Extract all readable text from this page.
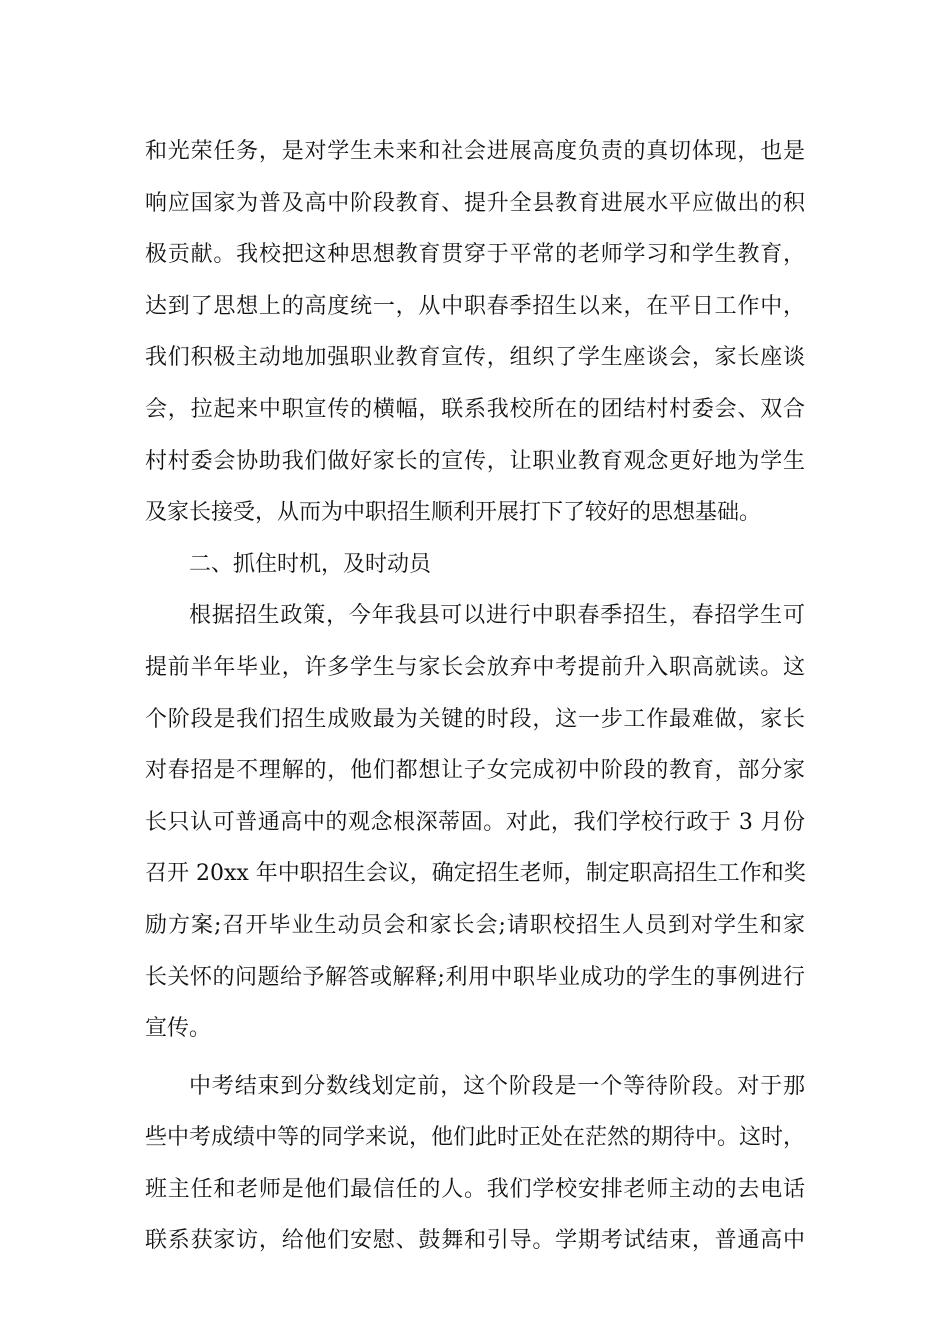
和光荣任务，是对学生未来和社会进展高度负责的真切体现，也是
响应国家为普及高中阶段教育、提升全县教育进展水平应做出的积
极贡献。我校把这种思想教育贯穿于平常的老师学习和学生教育，
达到了思想上的高度统一，从中职春季招生以来，在平日工作中，
我们积极主动地加强职业教育宣传，组织了学生座谈会，家长座谈
会，拉起来中职宣传的横幅，联系我校所在的团结村村委会、双合
村村委会协助我们做好家长的宣传，让职业教育观念更好地为学生
及家长接受，从而为中职招生顺利开展打下了较好的思想基础。
二、抓住时机，及时动员
根据招生政策，今年我县可以进行中职春季招生，春招学生可
提前半年毕业，许多学生与家长会放弃中考提前升入职高就读。这
个阶段是我们招生成败最为关键的时段，这一步工作最难做，家长
对春招是不理解的，他们都想让子女完成初中阶段的教育，部分家
长只认可普通高中的观念根深蒂固。对此，我们学校行政于 3 月份
召开 20xx 年中职招生会议，确定招生老师，制定职高招生工作和奖
励方案;召开毕业生动员会和家长会;请职校招生人员到对学生和家
长关怀的问题给予解答或解释;利用中职毕业成功的学生的事例进行
宣传。
中考结束到分数线划定前，这个阶段是一个等待阶段。对于那
些中考成绩中等的同学来说，他们此时正处在茫然的期待中。这时，
班主任和老师是他们最信任的人。我们学校安排老师主动的去电话
联系获家访，给他们安慰、鼓舞和引导。学期考试结束，普通高中
